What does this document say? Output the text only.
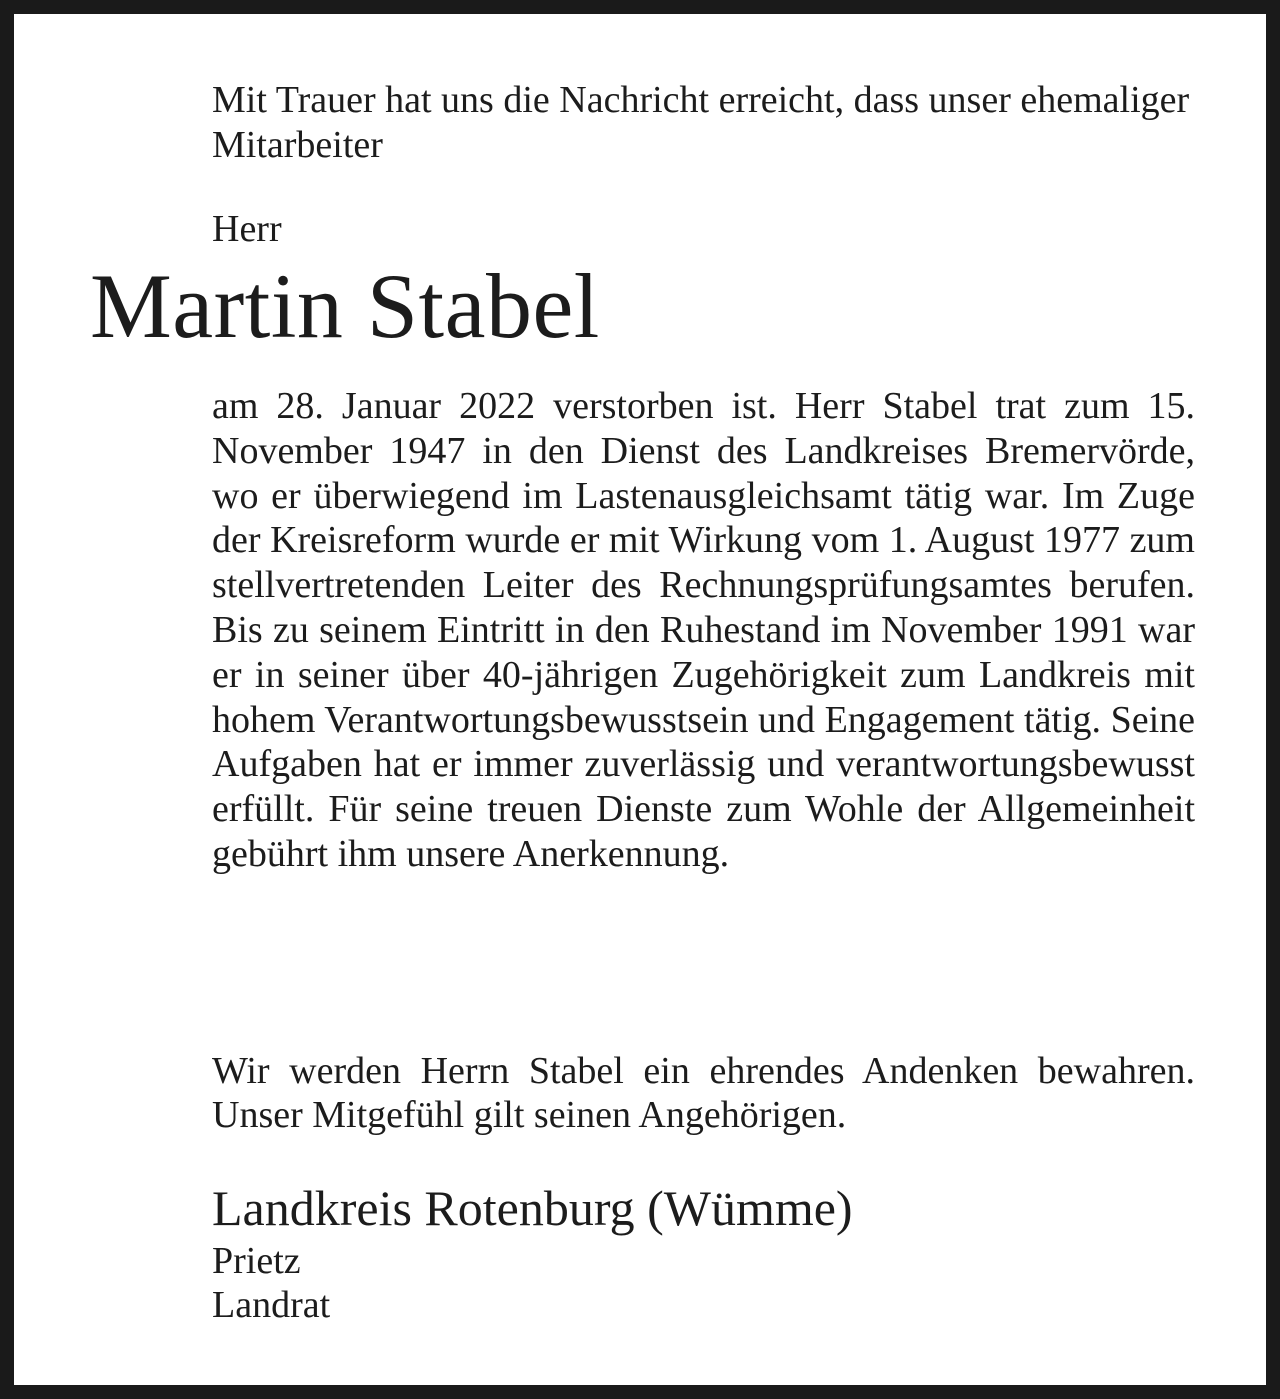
Mit Trauer hat uns die Nachricht erreicht, dass unser ehemaliger Mitarbeiter

Herr

Martin Stabel

am 28. Januar 2022 verstorben ist. Herr Stabel trat zum 15. November 1947 in den Dienst des Landkreises Bremervörde, wo er überwiegend im Lastenausgleichsamt tätig war. Im Zuge der Kreisreform wurde er mit Wirkung vom 1. August 1977 zum stellvertretenden Leiter des Rechnungsprüfungsamtes berufen. Bis zu seinem Eintritt in den Ruhestand im November 1991 war er in seiner über 40-jährigen Zugehörigkeit zum Landkreis mit hohem Verantwortungsbewusstsein und Engagement tätig. Seine Aufgaben hat er immer zuverlässig und verantwortungsbewusst erfüllt. Für seine treuen Dienste zum Wohle der Allgemeinheit gebührt ihm unsere Anerkennung.

Wir werden Herrn Stabel ein ehrendes Andenken bewahren. Unser Mitgefühl gilt seinen Angehörigen.

Landkreis Rotenburg (Wümme)

Prietz

Landrat
